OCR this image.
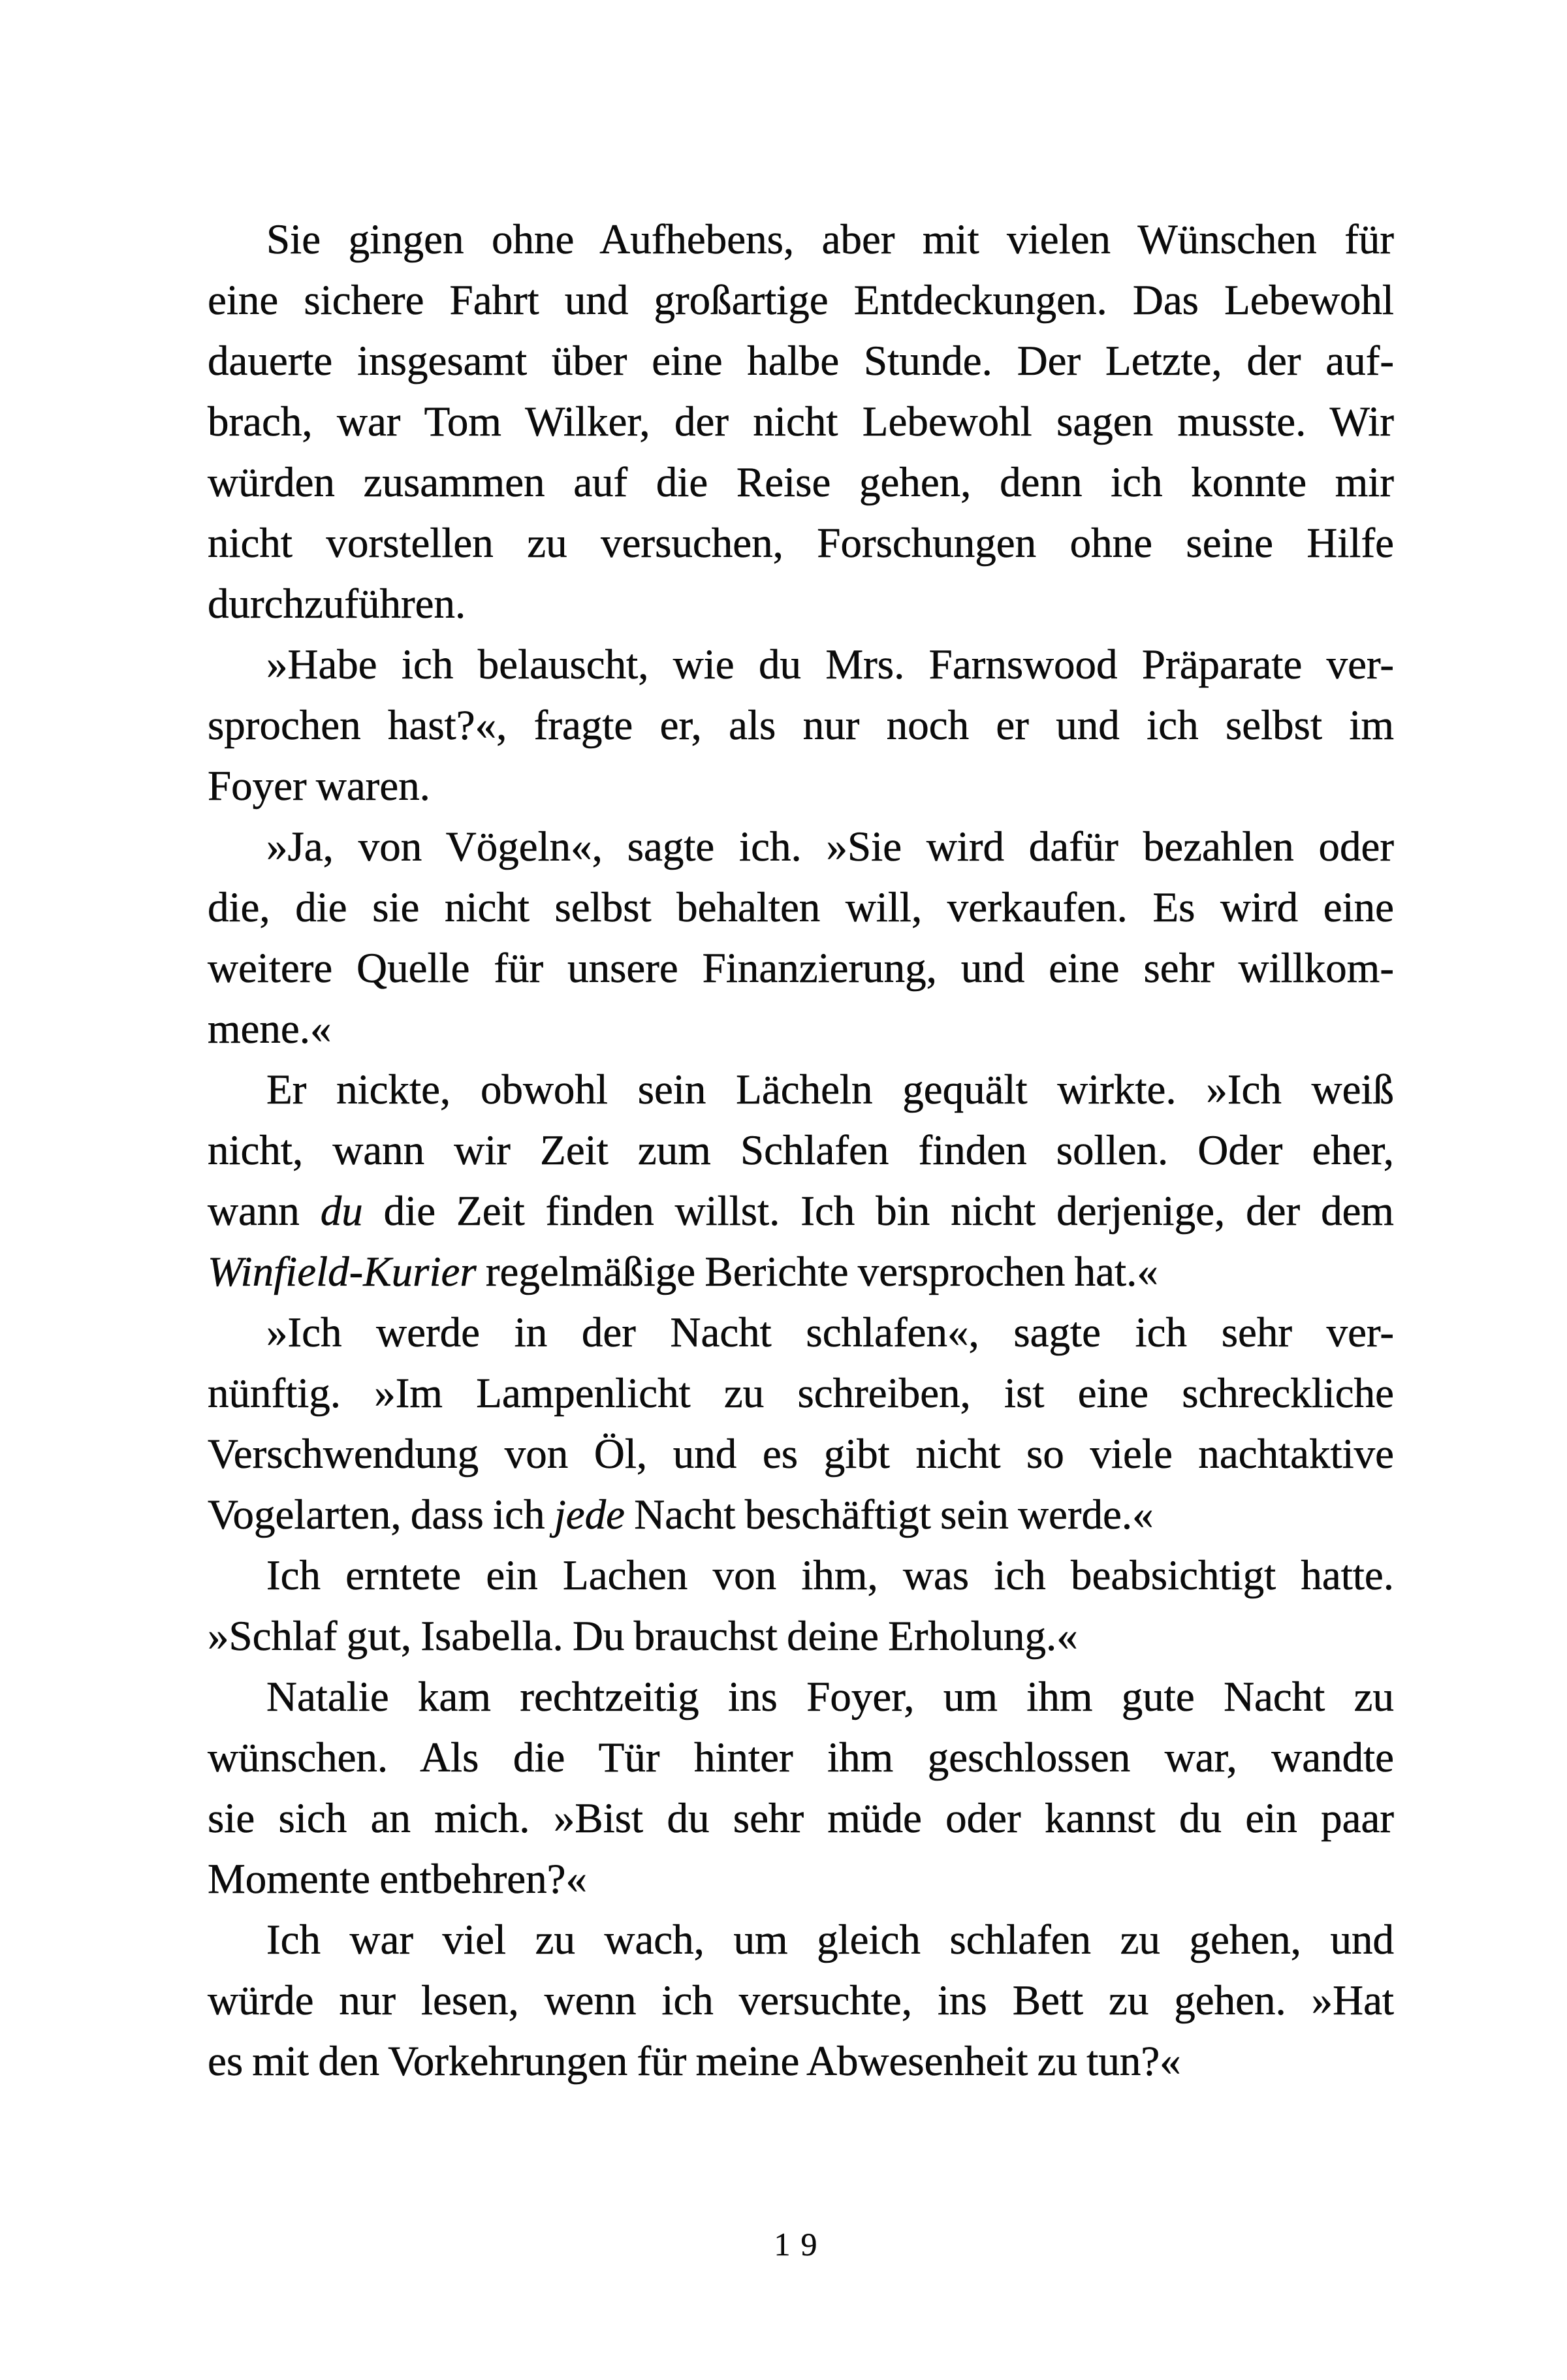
Sie gingen ohne Aufhebens, aber mit vielen Wünschen für
eine sichere Fahrt und großartige Entdeckungen. Das Lebewohl
dauerte insgesamt über eine halbe Stunde. Der Letzte, der auf-
brach, war Tom Wilker, der nicht Lebewohl sagen musste. Wir
würden zusammen auf die Reise gehen, denn ich konnte mir
nicht vorstellen zu versuchen, Forschungen ohne seine Hilfe
durchzuführen.
»Habe ich belauscht, wie du Mrs. Farnswood Präparate ver-
sprochen hast?«, fragte er, als nur noch er und ich selbst im
Foyer waren.
»Ja, von Vögeln«, sagte ich. »Sie wird dafür bezahlen oder
die, die sie nicht selbst behalten will, verkaufen. Es wird eine
weitere Quelle für unsere Finanzierung, und eine sehr willkom-
mene.«
Er nickte, obwohl sein Lächeln gequält wirkte. »Ich weiß
nicht, wann wir Zeit zum Schlafen finden sollen. Oder eher,
wann du die Zeit finden willst. Ich bin nicht derjenige, der dem
Winfield-Kurier regelmäßige Berichte versprochen hat.«
»Ich werde in der Nacht schlafen«, sagte ich sehr ver-
nünftig. »Im Lampenlicht zu schreiben, ist eine schreckliche
Verschwendung von Öl, und es gibt nicht so viele nachtaktive
Vogelarten, dass ich jede Nacht beschäftigt sein werde.«
Ich erntete ein Lachen von ihm, was ich beabsichtigt hatte.
»Schlaf gut, Isabella. Du brauchst deine Erholung.«
Natalie kam rechtzeitig ins Foyer, um ihm gute Nacht zu
wünschen. Als die Tür hinter ihm geschlossen war, wandte
sie sich an mich. »Bist du sehr müde oder kannst du ein paar
Momente entbehren?«
Ich war viel zu wach, um gleich schlafen zu gehen, und
würde nur lesen, wenn ich versuchte, ins Bett zu gehen. »Hat
es mit den Vorkehrungen für meine Abwesenheit zu tun?«
19
